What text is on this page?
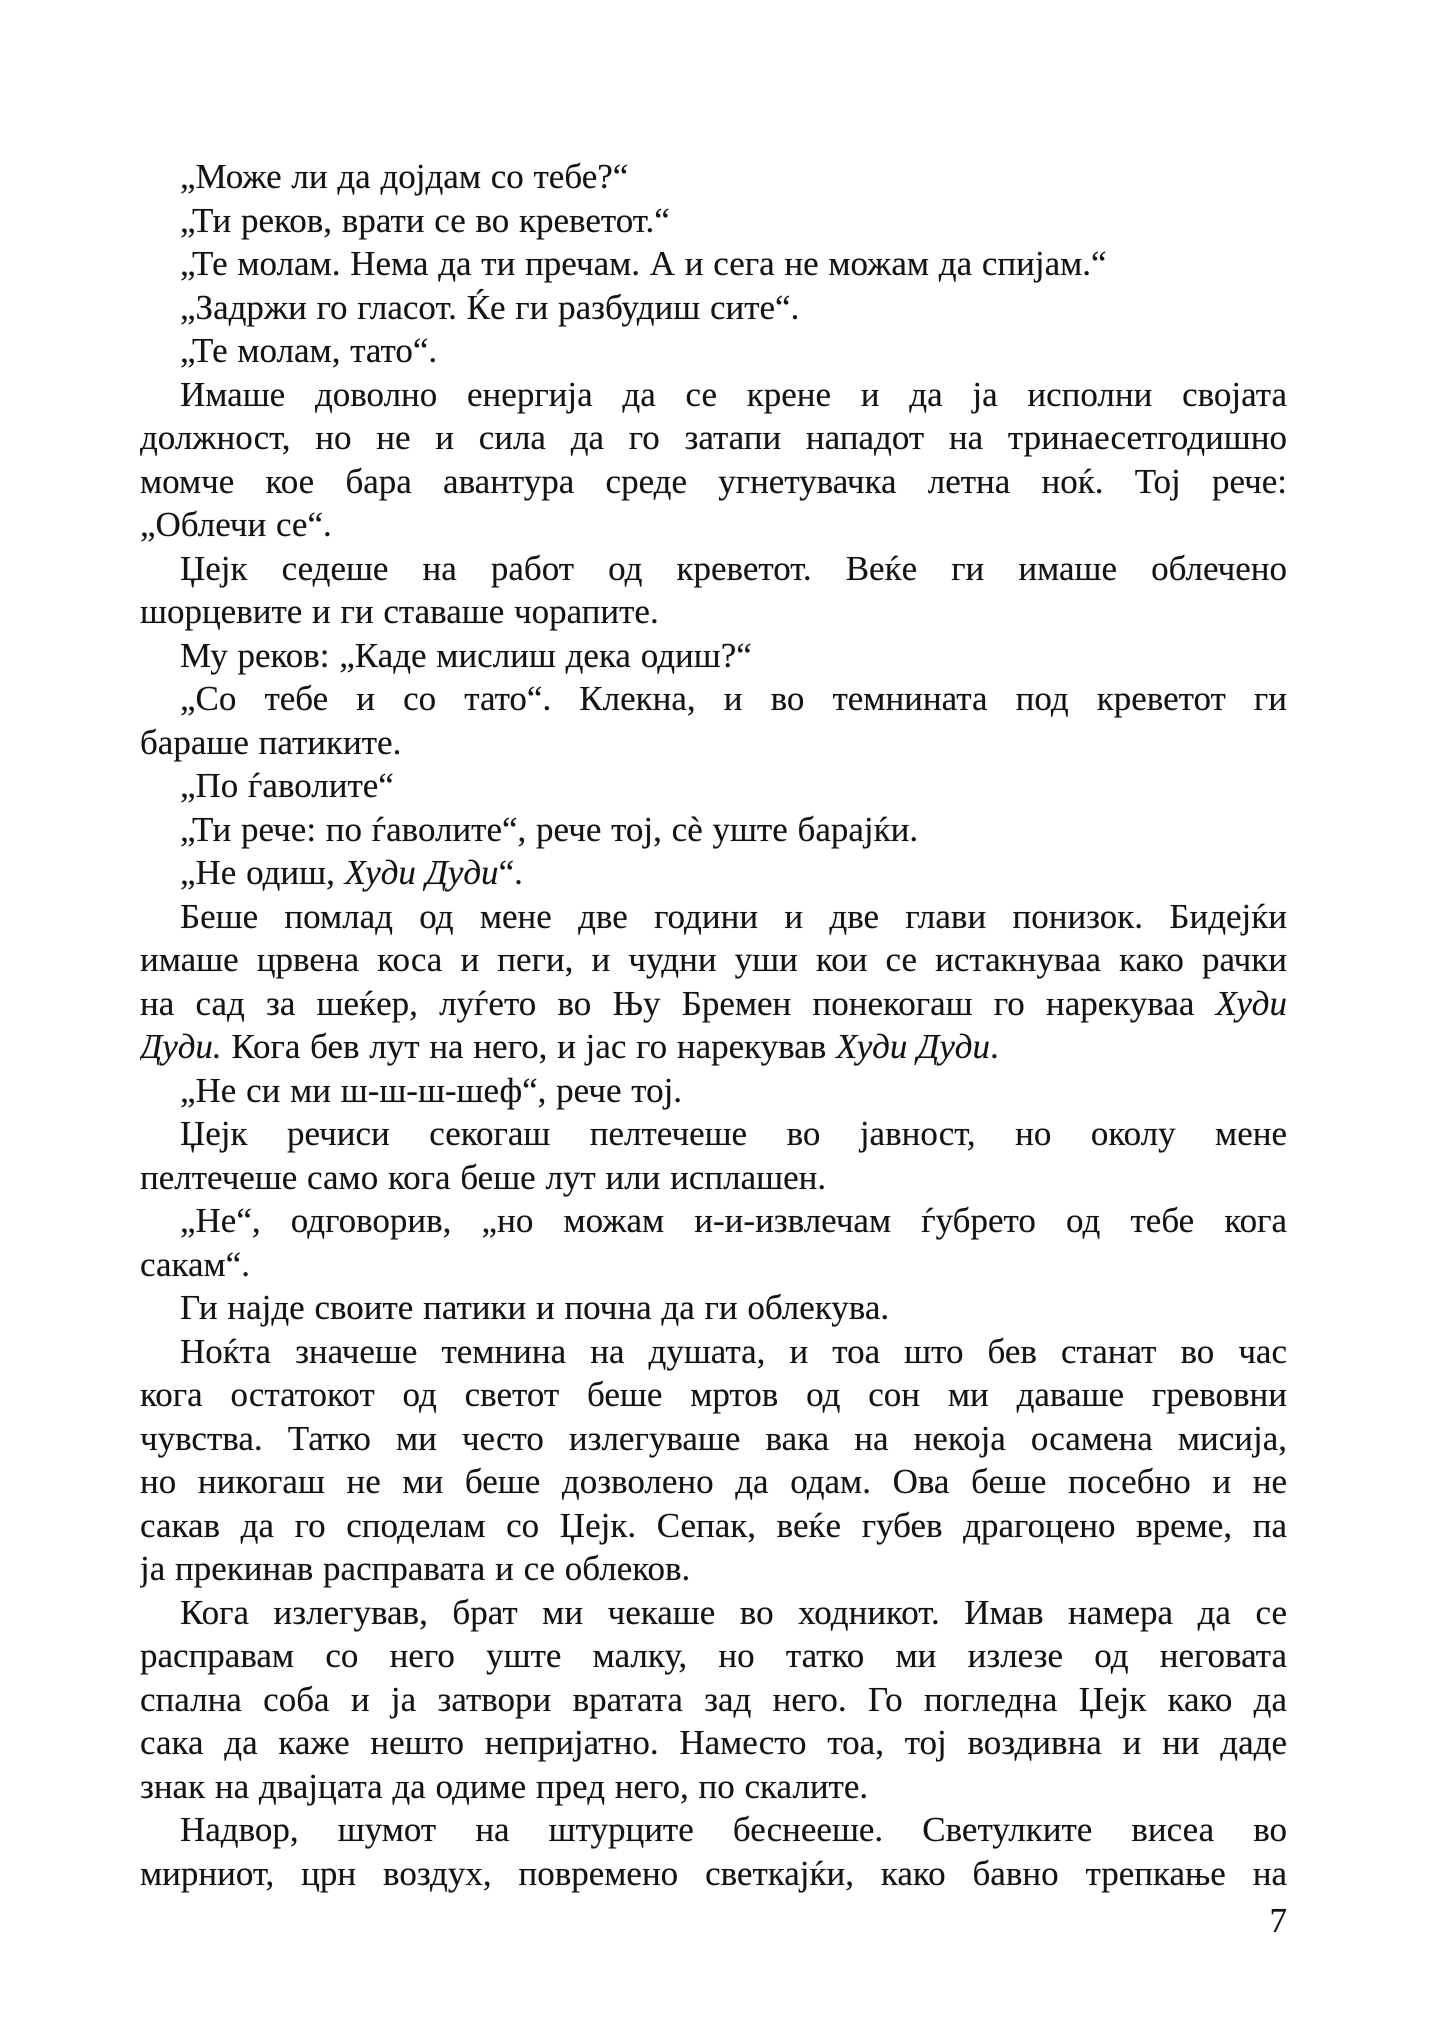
„Може ли да дојдам со тебе?“
„Ти реков, врати се во креветот.“
„Те молам. Нема да ти пречам. А и сега не можам да спијам.“
„Задржи го гласот. Ќе ги разбудиш сите“.
„Те молам, тато“.
Имаше доволно енергија да се крене и да ја исполни својата
должност, но не и сила да го затапи нападот на тринаесетгодишно
момче кое бара авантура среде угнетувачка летна ноќ. Тој рече:
„Облечи се“.
Џејк седеше на работ од креветот. Веќе ги имаше облечено
шорцевите и ги ставаше чорапите.
Му реков: „Каде мислиш дека одиш?“
„Со тебе и со тато“. Клекна, и во темнината под креветот ги
бараше патиките.
„По ѓаволите“
„Ти рече: по ѓаволите“, рече тој, сè уште барајќи.
„Не одиш, Худи Дуди“.
Беше помлад од мене две години и две глави понизок. Бидејќи
имаше црвена коса и пеги, и чудни уши кои се истакнуваа како рачки
на сад за шеќер, луѓето во Њу Бремен понекогаш го нарекуваа Худи
Дуди. Кога бев лут на него, и јас го нарекував Худи Дуди.
„Не си ми ш-ш-ш-шеф“, рече тој.
Џејк речиси секогаш пелтечеше во јавност, но околу мене
пелтечеше само кога беше лут или исплашен.
„Не“, одговорив, „но можам и-и-извлечам ѓубрето од тебе кога
сакам“.
Ги најде своите патики и почна да ги облекува.
Ноќта значеше темнина на душата, и тоа што бев станат во час
кога остатокот од светот беше мртов од сон ми даваше гревовни
чувства. Татко ми често излегуваше вака на некоја осамена мисија,
но никогаш не ми беше дозволено да одам. Ова беше посебно и не
сакав да го споделам со Џејк. Сепак, веќе губев драгоцено време, па
ја прекинав расправата и се облеков.
Кога излегував, брат ми чекаше во ходникот. Имав намера да се
расправам со него уште малку, но татко ми излезе од неговата
спална соба и ја затвори вратата зад него. Го погледна Џејк како да
сака да каже нешто непријатно. Наместо тоа, тој воздивна и ни даде
знак на двајцата да одиме пред него, по скалите.
Надвор, шумот на штурците беснееше. Светулките висеа во
мирниот, црн воздух, повремено светкајќи, како бавно трепкање на
7
